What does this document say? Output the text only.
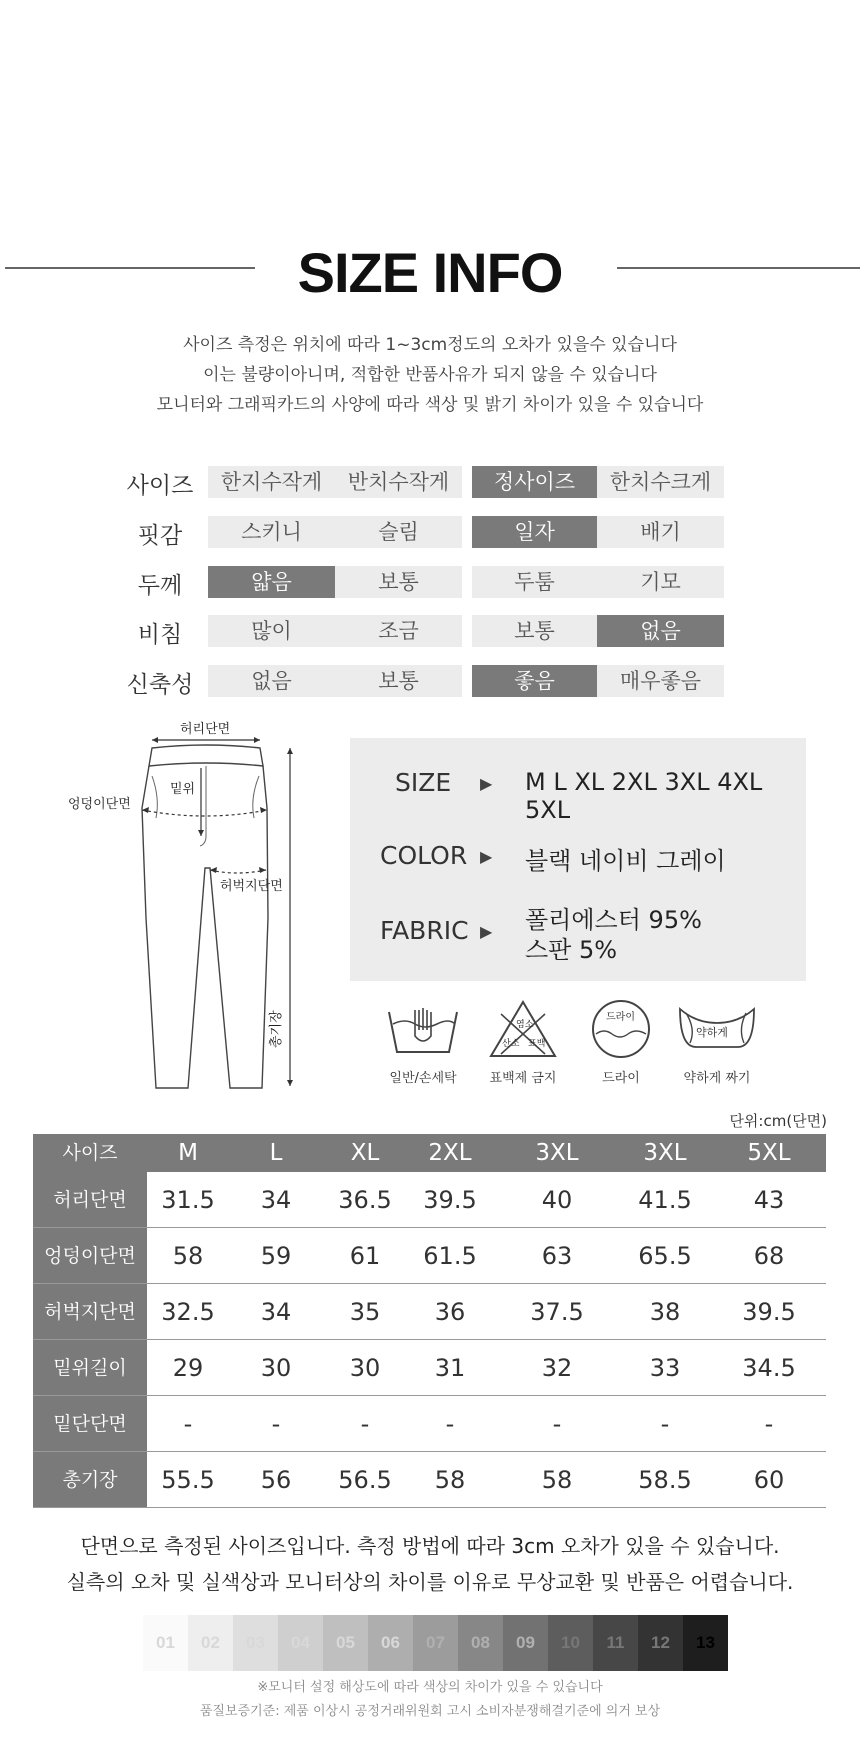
SIZE INFO
사이즈 측정은 위치에 따라 1~3cm정도의 오차가 있을수 있습니다
이는 불량이아니며, 적합한 반품사유가 되지 않을 수 있습니다
모니터와 그래픽카드의 사양에 따라 색상 및 밝기 차이가 있을 수 있습니다
사이즈	한지수작게	반치수작게	정사이즈	한치수크게
핏감	스키니	슬림	일자	배기
두께	얇음	보통	두툼	기모
비침	많이	조금	보통	없음
신축성	없음	보통	좋음	매우좋음
허리단면
밑위
엉덩이단면
허벅지단면
총기장
SIZE ▶ M L XL 2XL 3XL 4XL 5XL
COLOR ▶ 블랙 네이비 그레이
FABRIC ▶ 폴리에스터 95%
스판 5%
일반/손세탁
염소
산소 표백
표백제 금지
드라이
드라이
약하게
약하게 짜기
단위:cm(단면)
사이즈	M	L	XL	2XL	3XL	3XL	5XL
허리단면	31.5	34	36.5	39.5	40	41.5	43
엉덩이단면	58	59	61	61.5	63	65.5	68
허벅지단면	32.5	34	35	36	37.5	38	39.5
밑위길이	29	30	30	31	32	33	34.5
밑단단면	-	-	-	-	-	-	-
총기장	55.5	56	56.5	58	58	58.5	60
단면으로 측정된 사이즈입니다. 측정 방법에 따라 3cm 오차가 있을 수 있습니다.
실측의 오차 및 실색상과 모니터상의 차이를 이유로 무상교환 및 반품은 어렵습니다.
01	02	03	04	05	06	07	08	09	10	11	12	13
※모니터 설정 해상도에 따라 색상의 차이가 있을 수 있습니다
품질보증기준: 제품 이상시 공정거래위원회 고시 소비자분쟁해결기준에 의거 보상
